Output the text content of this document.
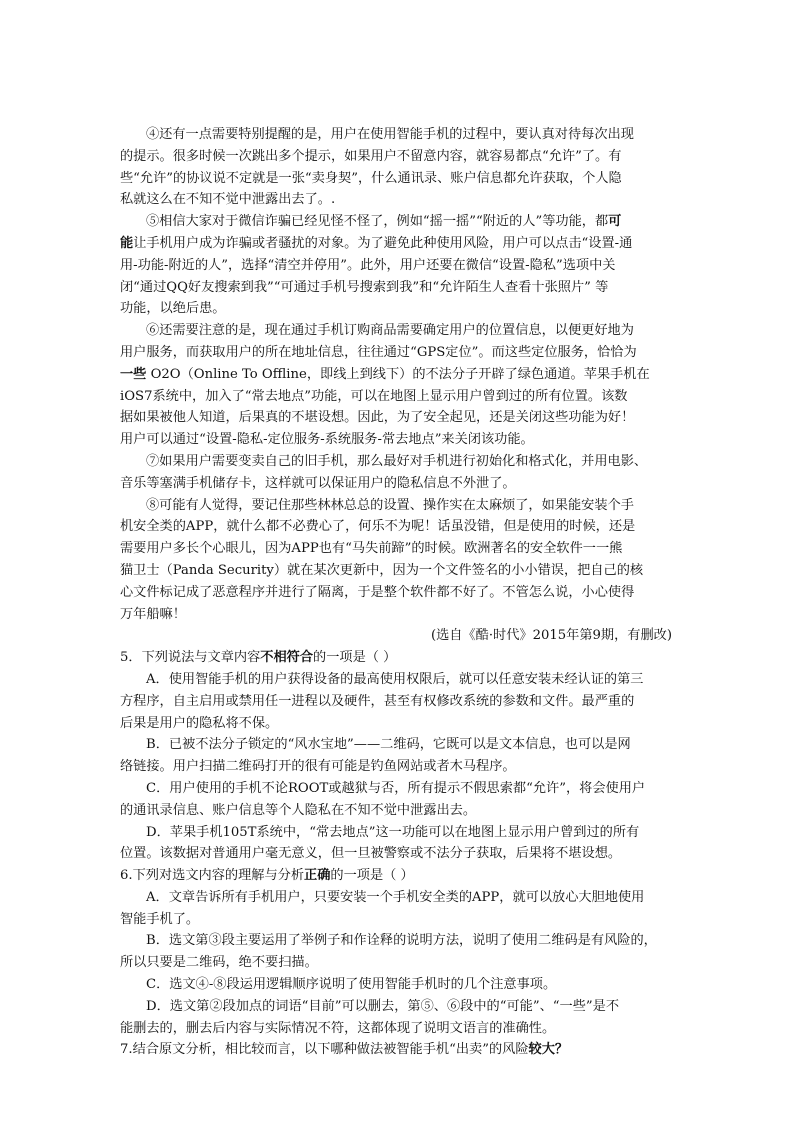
④还有一点需要特别提醒的是，用户在使用智能手机的过程中，要认真对待每次出现
的提示。很多时候一次跳出多个提示，如果用户不留意内容，就容易都点“允许”了。有
些“允许”的协议说不定就是一张“卖身契”，什么通讯录、账户信息都允许获取，个人隐
私就这么在不知不觉中泄露出去了。.
⑤相信大家对于微信诈骗已经见怪不怪了，例如“摇一摇”“附近的人”等功能，都可
能让手机用户成为诈骗或者骚扰的对象。为了避免此种使用风险，用户可以点击“设置-通
用-功能-附近的人”，选择“清空并停用”。此外，用户还要在微信“设置-隐私”选项中关
闭“通过QQ好友搜索到我”“可通过手机号搜索到我”和“允许陌生人查看十张照片” 等
功能，以绝后患。
⑥还需要注意的是，现在通过手机订购商品需要确定用户的位置信息，以便更好地为
用户服务，而获取用户的所在地址信息，往往通过“GPS定位”。而这些定位服务，恰恰为
一些 O2O（Online To Offline，即线上到线下）的不法分子开辟了绿色通道。苹果手机在
iOS7系统中，加入了“常去地点”功能，可以在地图上显示用户曾到过的所有位置。该数
据如果被他人知道，后果真的不堪设想。因此，为了安全起见，还是关闭这些功能为好！
用户可以通过“设置-隐私-定位服务-系统服务-常去地点”来关闭该功能。
⑦如果用户需要变卖自己的旧手机，那么最好对手机进行初始化和格式化，并用电影、
音乐等塞满手机储存卡，这样就可以保证用户的隐私信息不外泄了。
⑧可能有人觉得，要记住那些林林总总的设置、操作实在太麻烦了，如果能安装个手
机安全类的APP，就什么都不必费心了，何乐不为呢！话虽没错，但是使用的时候，还是
需要用户多长个心眼儿，因为APP也有“马失前蹄”的时候。欧洲著名的安全软件一一熊
猫卫士（Panda Security）就在某次更新中，因为一个文件签名的小小错误，把自己的核
心文件标记成了恶意程序并进行了隔离，于是整个软件都不好了。不管怎么说，小心使得
万年船嘛！
(选自《酷·时代》2015年第9期，有删改)
5．下列说法与文章内容不相符合的一项是（ ）
A．使用智能手机的用户获得设备的最高使用权限后，就可以任意安装未经认证的第三
方程序，自主启用或禁用任一进程以及硬件，甚至有权修改系统的参数和文件。最严重的
后果是用户的隐私将不保。
B．已被不法分子锁定的“风水宝地”——二维码，它既可以是文本信息，也可以是网
络链接。用户扫描二维码打开的很有可能是钓鱼网站或者木马程序。
C．用户使用的手机不论ROOT或越狱与否，所有提示不假思索都“允许”，将会使用户
的通讯录信息、账户信息等个人隐私在不知不觉中泄露出去。
D．苹果手机105T系统中，“常去地点”这一功能可以在地图上显示用户曾到过的所有
位置。该数据对普通用户毫无意义，但一旦被警察或不法分子获取，后果将不堪设想。
6.下列对选文内容的理解与分析正确的一项是（ ）
A．文章告诉所有手机用户，只要安装一个手机安全类的APP，就可以放心大胆地使用
智能手机了。
B．选文第③段主要运用了举例子和作诠释的说明方法，说明了使用二维码是有风险的，
所以只要是二维码，绝不要扫描。
C．选文④-⑧段运用逻辑顺序说明了使用智能手机时的几个注意事项。
D．选文第②段加点的词语“目前”可以删去，第⑤、⑥段中的“可能”、“一些”是不
能删去的，删去后内容与实际情况不符，这都体现了说明文语言的准确性。
7.结合原文分析，相比较而言，以下哪种做法被智能手机“出卖”的风险较大？
